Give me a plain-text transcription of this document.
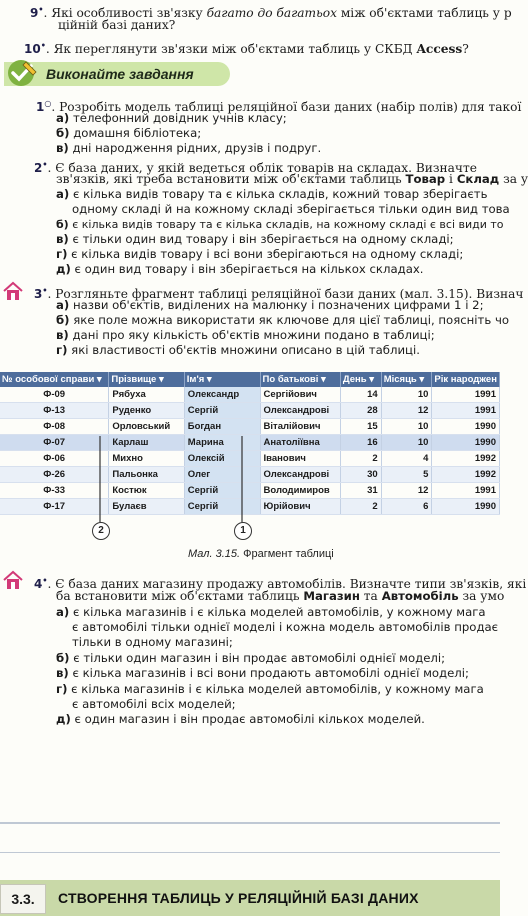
9•. Які особливості зв'язку багато до багатьох між об'єктами таблиць у р
ційній базі даних?
10•. Як переглянути зв'язки між об'єктами таблиць у СКБД Access?
Виконайте завдання
1○. Розробіть модель таблиці реляційної бази даних (набір полів) для такої
а) телефонний довідник учнів класу;
б) домашня бібліотека;
в) дні народження рідних, друзів і подруг.
2•. Є база даних, у якій ведеться облік товарів на складах. Визначте
зв'язків, які треба встановити між об'єктами таблиць Товар і Склад за у
а) є кілька видів товару та є кілька складів, кожний товар зберігаєть
одному складі й на кожному складі зберігається тільки один вид това
б) є кілька видів товару та є кілька складів, на кожному складі є всі види то
в) є тільки один вид товару і він зберігається на одному складі;
г) є кілька видів товару і всі вони зберігаються на одному складі;
д) є один вид товару і він зберігається на кількох складах.
3•. Розгляньте фрагмент таблиці реляційної бази даних (мал. 3.15). Визнач
а) назви об'єктів, виділених на малюнку і позначених цифрами 1 і 2;
б) яке поле можна використати як ключове для цієї таблиці, поясніть чо
в) дані про яку кількість об'єктів множини подано в таблиці;
г) які властивості об'єктів множини описано в цій таблиці.
№ особової справи ▾	Прізвище ▾	Ім'я ▾	По батькові ▾	День ▾	Місяць ▾	Рік народжен
Ф-09	Рябуха	Олександр	Сергійович	14	10	1991
Ф-13	Руденко	Сергій	Олександрові	28	12	1991
Ф-08	Орловський	Богдан	Віталійович	15	10	1990
Ф-07	Карлаш	Марина	Анатоліївна	16	10	1990
Ф-06	Михно	Олексій	Іванович	2	4	1992
Ф-26	Пальонка	Олег	Олександрові	30	5	1992
Ф-33	Костюк	Сергій	Володимиров	31	12	1991
Ф-17	Булаєв	Сергій	Юрійович	2	6	1990
2	1
Мал. 3.15. Фрагмент таблиці
4•. Є база даних магазину продажу автомобілів. Визначте типи зв'язків, які
ба встановити між об'єктами таблиць Магазин та Автомобіль за умо
а) є кілька магазинів і є кілька моделей автомобілів, у кожному мага
є автомобілі тільки однієї моделі і кожна модель автомобілів продає
тільки в одному магазині;
б) є тільки один магазин і він продає автомобілі однієї моделі;
в) є кілька магазинів і всі вони продають автомобілі однієї моделі;
г) є кілька магазинів і є кілька моделей автомобілів, у кожному мага
є автомобілі всіх моделей;
д) є один магазин і він продає автомобілі кількох моделей.
3.3.	СТВОРЕННЯ ТАБЛИЦЬ У РЕЛЯЦІЙНІЙ БАЗІ ДАНИХ
